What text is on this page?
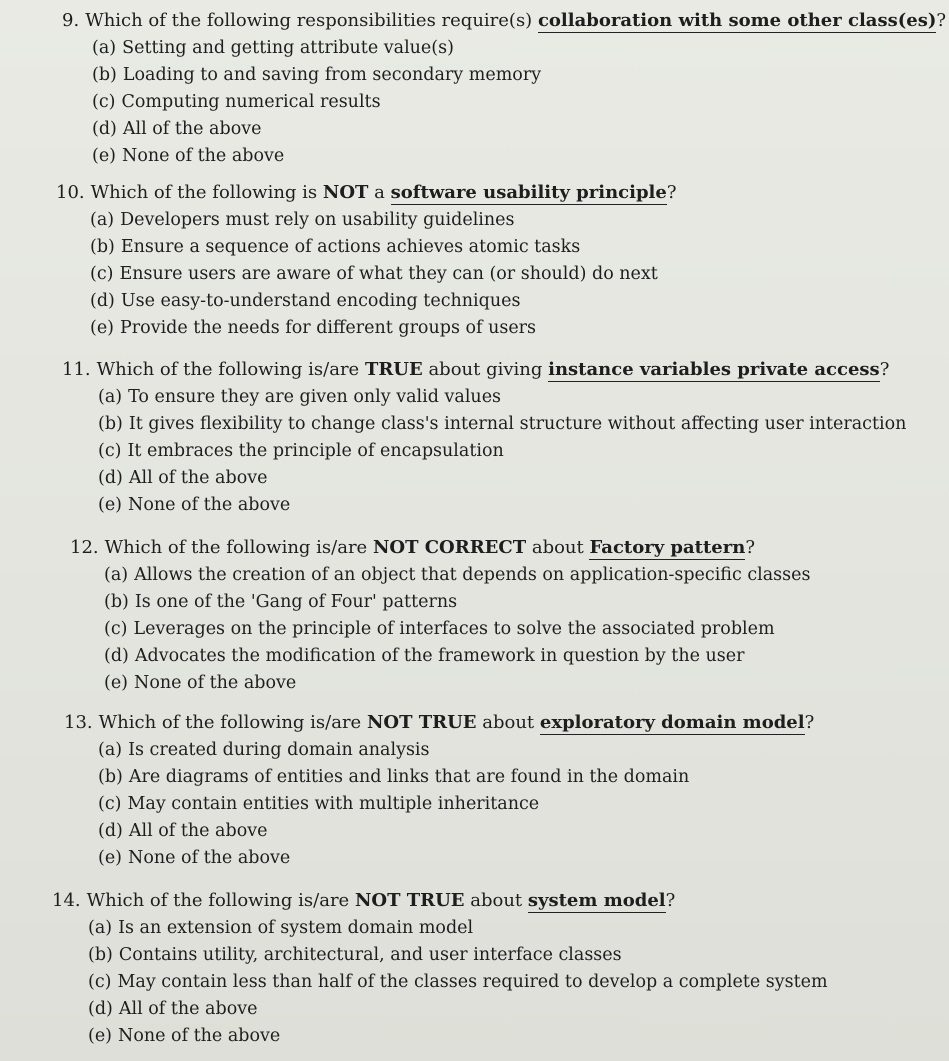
9. Which of the following responsibilities require(s) collaboration with some other class(es)?
(a) Setting and getting attribute value(s)
(b) Loading to and saving from secondary memory
(c) Computing numerical results
(d) All of the above
(e) None of the above
10. Which of the following is NOT a software usability principle?
(a) Developers must rely on usability guidelines
(b) Ensure a sequence of actions achieves atomic tasks
(c) Ensure users are aware of what they can (or should) do next
(d) Use easy-to-understand encoding techniques
(e) Provide the needs for different groups of users
11. Which of the following is/are TRUE about giving instance variables private access?
(a) To ensure they are given only valid values
(b) It gives flexibility to change class's internal structure without affecting user interaction
(c) It embraces the principle of encapsulation
(d) All of the above
(e) None of the above
12. Which of the following is/are NOT CORRECT about Factory pattern?
(a) Allows the creation of an object that depends on application-specific classes
(b) Is one of the 'Gang of Four' patterns
(c) Leverages on the principle of interfaces to solve the associated problem
(d) Advocates the modification of the framework in question by the user
(e) None of the above
13. Which of the following is/are NOT TRUE about exploratory domain model?
(a) Is created during domain analysis
(b) Are diagrams of entities and links that are found in the domain
(c) May contain entities with multiple inheritance
(d) All of the above
(e) None of the above
14. Which of the following is/are NOT TRUE about system model?
(a) Is an extension of system domain model
(b) Contains utility, architectural, and user interface classes
(c) May contain less than half of the classes required to develop a complete system
(d) All of the above
(e) None of the above
